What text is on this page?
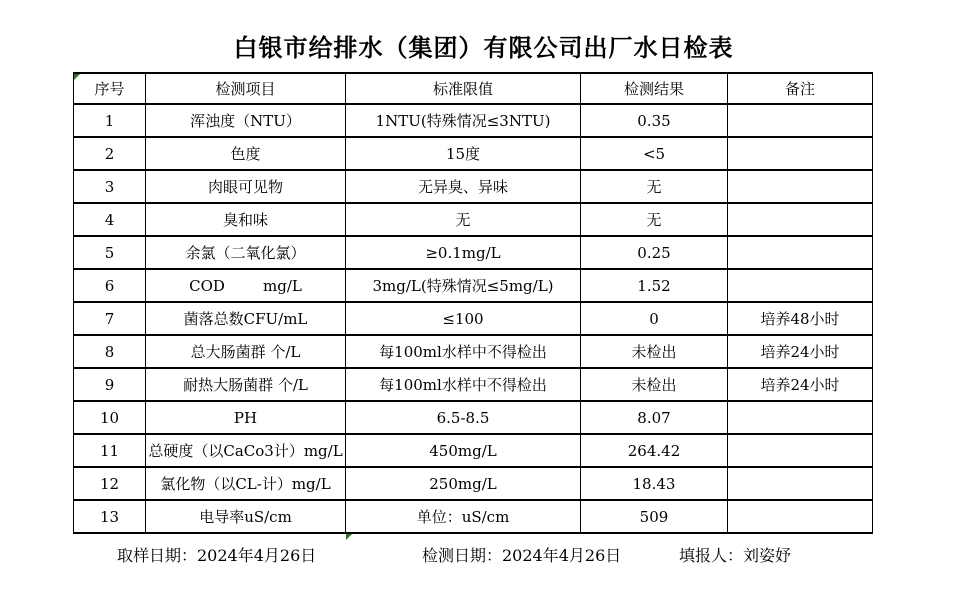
白银市给排水（集团）有限公司出厂水日检表
序号	检测项目	标准限值	检测结果	备注
1	浑浊度（NTU）	1NTU(特殊情况≤3NTU)	0.35	
2	色度	15度	<5	
3	肉眼可见物	无异臭、异味	无	
4	臭和味	无	无	
5	余氯（二氧化氯）	≥0.1mg/L	0.25	
6	COD        mg/L	3mg/L(特殊情况≤5mg/L)	1.52	
7	菌落总数CFU/mL	≤100	0	培养48小时
8	总大肠菌群 个/L	每100ml水样中不得检出	未检出	培养24小时
9	耐热大肠菌群 个/L	每100ml水样中不得检出	未检出	培养24小时
10	PH	6.5-8.5	8.07	
11	总硬度（以CaCo3计）mg/L	450mg/L	264.42	
12	氯化物（以CL-计）mg/L	250mg/L	18.43	
13	电导率uS/cm	单位：uS/cm	509	
取样日期：2024年4月26日	检测日期：2024年4月26日	填报人：刘姿妤
